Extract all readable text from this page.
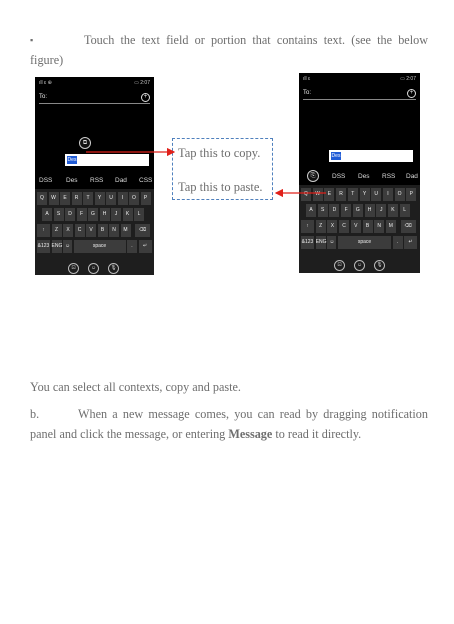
▪	Touch the text field or portion that contains text. (see the below figure)
ıll ε ⊕	▭ 2:07
To:	+
⧉
Des
DSS Des RSS Dad CSS
Q	W	E	R	T	Y	U	I	O	P
A	S	D	F	G	H	J	K	L
↑	Z	X	C	V	B	N	M	⌫
&123 ENG ☺	space	.	↵
⊡	☺	🎙
ıll ε	▭ 2:07
To:	+
Des
⎘	DSS Des RSS Dad
Q	W	E	R	T	Y	U	I	O	P
A	S	D	F	G	H	J	K	L
↑	Z	X	C	V	B	N	M	⌫
&123 ENG ☺	space	.	↵
⊡	☺	🎙
Tap this to copy.
Tap this to paste.
You can select all contexts, copy and paste.
b.	When a new message comes, you can read by dragging notification panel and click the message, or entering Message to read it directly.
